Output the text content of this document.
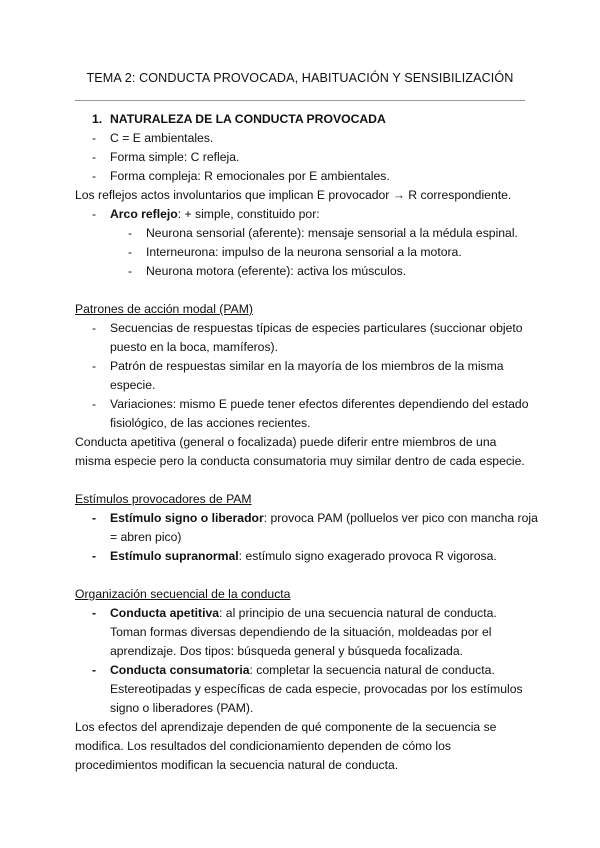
TEMA 2: CONDUCTA PROVOCADA, HABITUACIÓN Y SENSIBILIZACIÓN
1. NATURALEZA DE LA CONDUCTA PROVOCADA
- C = E ambientales.
- Forma simple: C refleja.
- Forma compleja: R emocionales por E ambientales.
Los reflejos actos involuntarios que implican E provocador → R correspondiente.
- Arco reflejo: + simple, constituido por:
- Neurona sensorial (aferente): mensaje sensorial a la médula espinal.
- Interneurona: impulso de la neurona sensorial a la motora.
- Neurona motora (eferente): activa los músculos.
Patrones de acción modal (PAM)
- Secuencias de respuestas típicas de especies particulares (succionar objeto
puesto en la boca, mamíferos).
- Patrón de respuestas similar en la mayoría de los miembros de la misma
especie.
- Variaciones: mismo E puede tener efectos diferentes dependiendo del estado
fisiológico, de las acciones recientes.
Conducta apetitiva (general o focalizada) puede diferir entre miembros de una
misma especie pero la conducta consumatoria muy similar dentro de cada especie.
Estímulos provocadores de PAM
- Estímulo signo o liberador: provoca PAM (polluelos ver pico con mancha roja
= abren pico)
- Estímulo supranormal: estímulo signo exagerado provoca R vigorosa.
Organización secuencial de la conducta
- Conducta apetitiva: al principio de una secuencia natural de conducta.
Toman formas diversas dependiendo de la situación, moldeadas por el
aprendizaje. Dos tipos: búsqueda general y búsqueda focalizada.
- Conducta consumatoria: completar la secuencia natural de conducta.
Estereotipadas y específicas de cada especie, provocadas por los estímulos
signo o liberadores (PAM).
Los efectos del aprendizaje dependen de qué componente de la secuencia se
modifica. Los resultados del condicionamiento dependen de cómo los
procedimientos modifican la secuencia natural de conducta.
